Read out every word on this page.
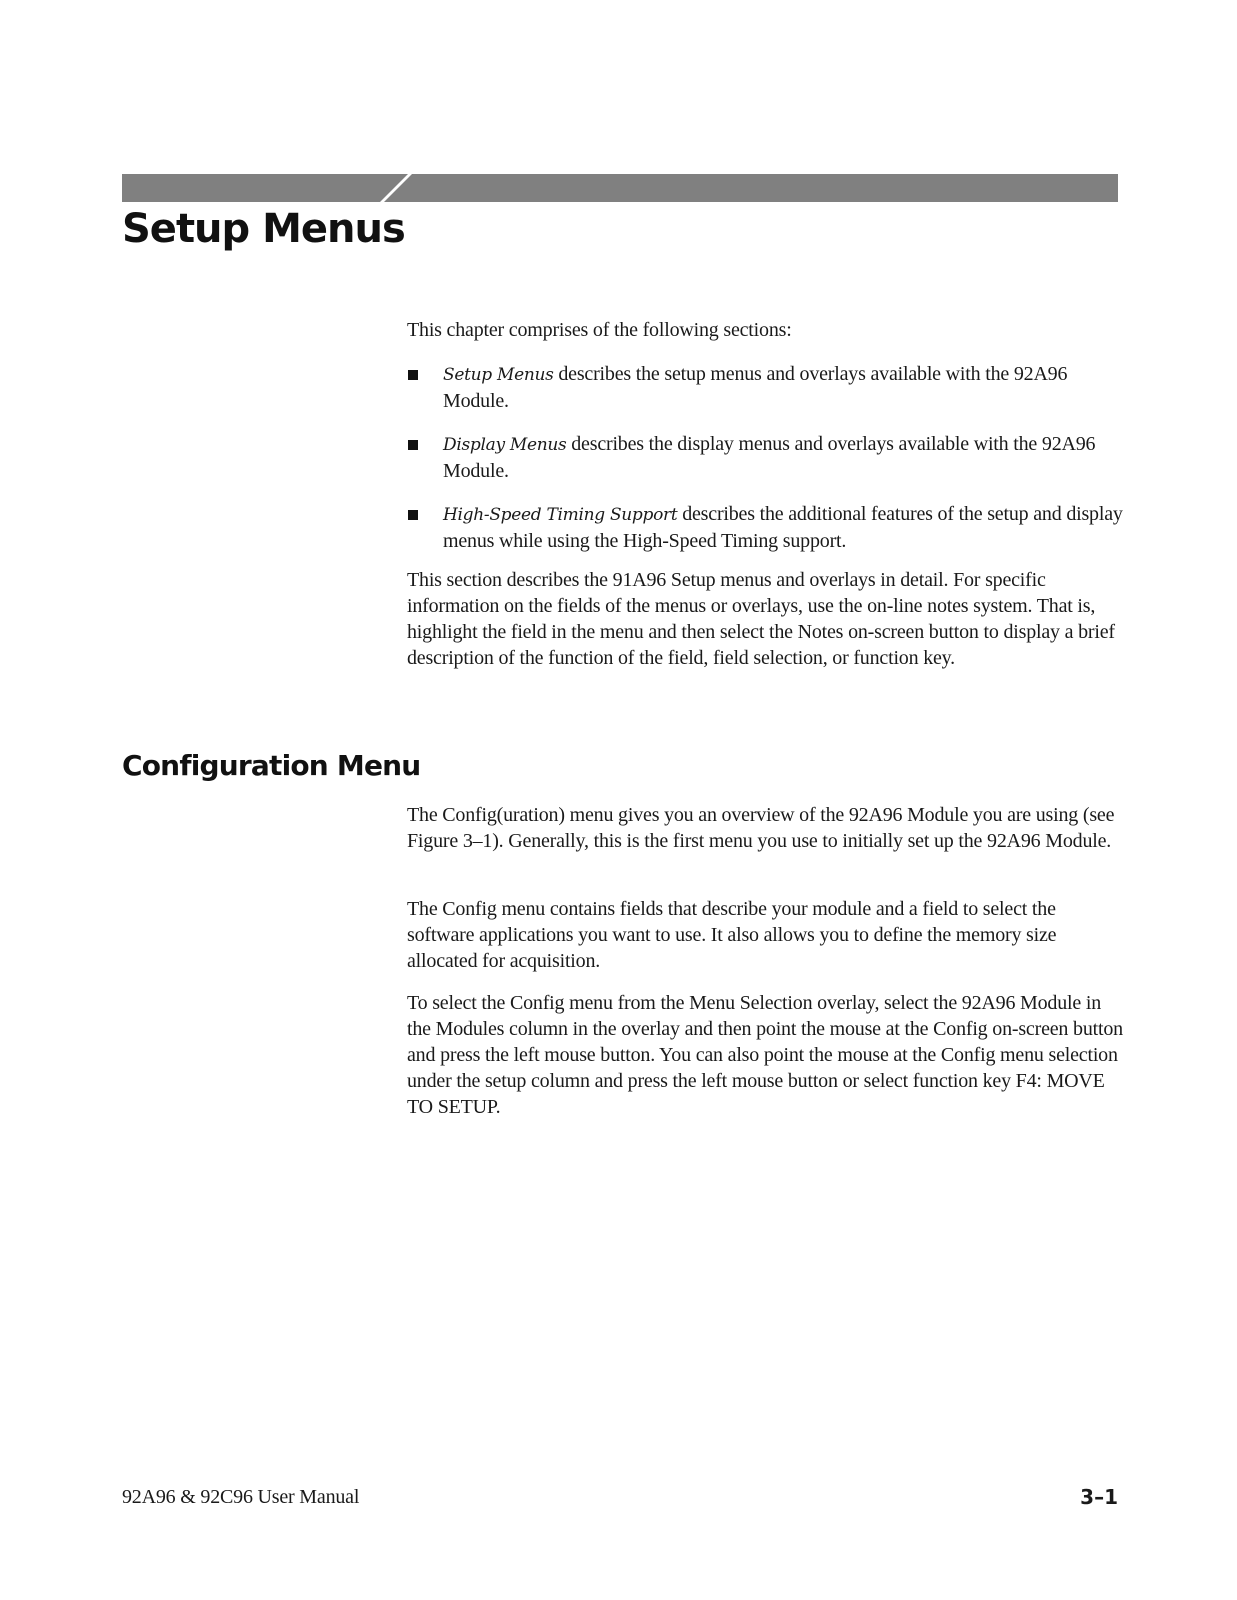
Setup Menus

This chapter comprises of the following sections:

Setup Menus describes the setup menus and overlays available with the 92A96 Module.
Display Menus describes the display menus and overlays available with the 92A96 Module.
High-Speed Timing Support describes the additional features of the setup and display menus while using the High-Speed Timing support.

This section describes the 91A96 Setup menus and overlays in detail. For specific information on the fields of the menus or overlays, use the on-line notes system. That is, highlight the field in the menu and then select the Notes on-screen button to display a brief description of the function of the field, field selection, or function key.

Configuration Menu

The Config(uration) menu gives you an overview of the 92A96 Module you are using (see Figure 3–1). Generally, this is the first menu you use to initially set up the 92A96 Module.

The Config menu contains fields that describe your module and a field to select the software applications you want to use. It also allows you to define the memory size allocated for acquisition.

To select the Config menu from the Menu Selection overlay, select the 92A96 Module in the Modules column in the overlay and then point the mouse at the Config on-screen button and press the left mouse button. You can also point the mouse at the Config menu selection under the setup column and press the left mouse button or select function key F4: MOVE TO SETUP.

92A96 & 92C96 User Manual	3–1
